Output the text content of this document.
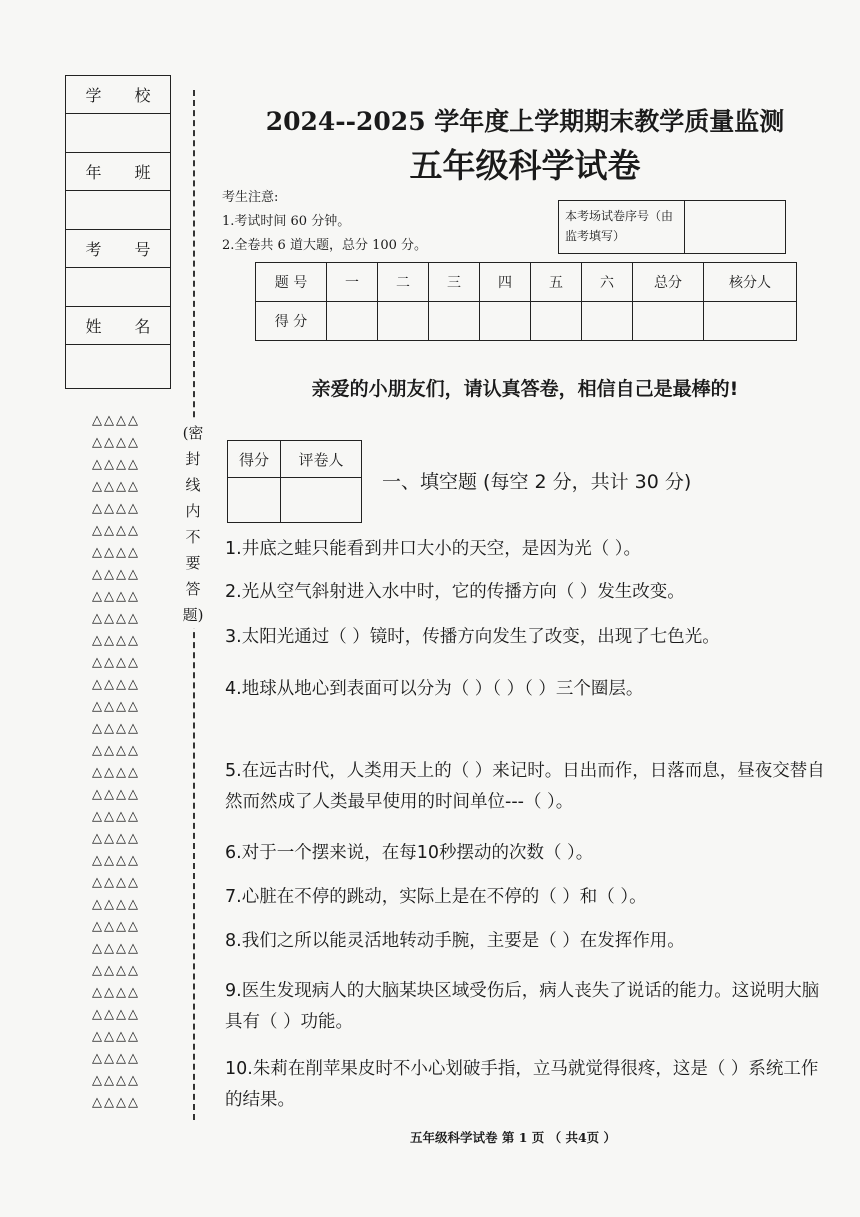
学 校
年 班
考 号
姓 名
(密 封 线 内 不 要 答 题)
△△△△
△△△△
△△△△
△△△△
△△△△
△△△△
△△△△
△△△△
△△△△
△△△△
△△△△
△△△△
△△△△
△△△△
△△△△
△△△△
△△△△
△△△△
△△△△
△△△△
△△△△
△△△△
△△△△
△△△△
△△△△
△△△△
△△△△
△△△△
△△△△
△△△△
△△△△
△△△△
2024--2025 学年度上学期期末教学质量监测
五年级科学试卷
考生注意:
1.考试时间 60 分钟。
2.全卷共 6 道大题，总分 100 分。
本考场试卷序号（由监考填写）
题 号	一	二	三	四	五	六	总分	核分人
得 分								
亲爱的小朋友们，请认真答卷，相信自己是最棒的!
得分	评卷人

一、填空题 (每空 2 分，共计 30 分)
1.井底之蛙只能看到井口大小的天空，是因为光（ ）。
2.光从空气斜射进入水中时，它的传播方向（ ）发生改变。
3.太阳光通过（ ）镜时，传播方向发生了改变，出现了七色光。
4.地球从地心到表面可以分为（ ）（ ）（ ）三个圈层。
5.在远古时代，人类用天上的（ ）来记时。日出而作，日落而息，昼夜交替自然而然成了人类最早使用的时间单位---（ ）。
6.对于一个摆来说，在每10秒摆动的次数（ ）。
7.心脏在不停的跳动，实际上是在不停的（ ）和（ ）。
8.我们之所以能灵活地转动手腕，主要是（ ）在发挥作用。
9.医生发现病人的大脑某块区域受伤后，病人丧失了说话的能力。这说明大脑具有（ ）功能。
10.朱莉在削苹果皮时不小心划破手指，立马就觉得很疼，这是（ ）系统工作的结果。
五年级科学试卷 第 1 页 （ 共4页 ）
